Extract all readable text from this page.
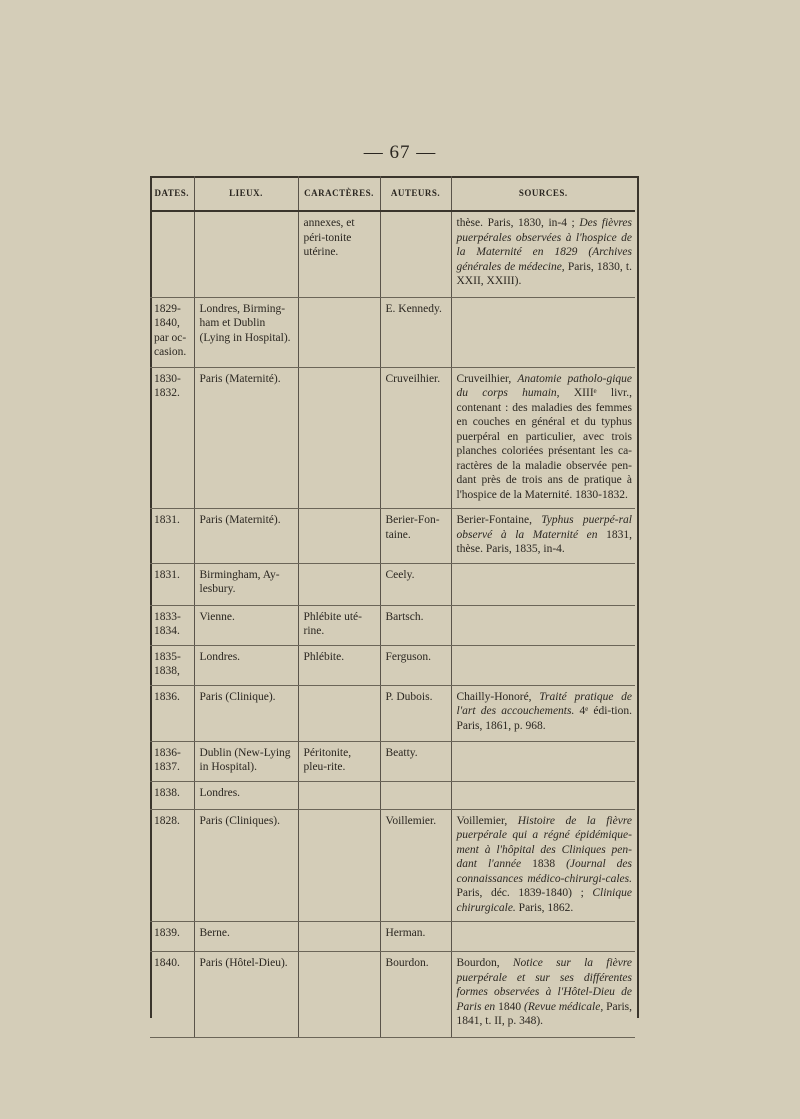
— 67 —
DATES.	LIEUX.	CARACTÈRES.	AUTEURS.	SOURCES.
		annexes, et péri-tonite utérine.		thèse. Paris, 1830, in-4 ; Des fièvres puerpérales observées à l'hospice de la Maternité en 1829 (Archives générales de médecine, Paris, 1830, t. XXII, XXIII).
1829-1840, par oc-casion.	Londres, Birming-ham et Dublin (Lying in Hospital).		E. Kennedy.	
1830-1832.	Paris (Maternité).		Cruveilhier.	Cruveilhier, Anatomie patholo-gique du corps humain, XIIIᵉ livr., contenant : des maladies des femmes en couches en général et du typhus puerpéral en particulier, avec trois planches coloriées présentant les ca-ractères de la maladie observée pen-dant près de trois ans de pratique à l'hospice de la Maternité. 1830-1832.
1831.	Paris (Maternité).		Berier-Fon-taine.	Berier-Fontaine, Typhus puerpé-ral observé à la Maternité en 1831, thèse. Paris, 1835, in-4.
1831.	Birmingham, Ay-lesbury.		Ceely.	
1833-1834.	Vienne.	Phlébite uté-rine.	Bartsch.	
1835-1838,	Londres.	Phlébite.	Ferguson.	
1836.	Paris (Clinique).		P. Dubois.	Chailly-Honoré, Traité pratique de l'art des accouchements. 4ᵉ édi-tion. Paris, 1861, p. 968.
1836-1837.	Dublin (New-Lying in Hospital).	Péritonite, pleu-rite.	Beatty.	
1838.	Londres.			
1828.	Paris (Cliniques).		Voillemier.	Voillemier, Histoire de la fièvre puerpérale qui a régné épidémique-ment à l'hôpital des Cliniques pen-dant l'année 1838 (Journal des connaissances médico-chirurgi-cales. Paris, déc. 1839-1840) ; Clinique chirurgicale. Paris, 1862.
1839.	Berne.		Herman.	
1840.	Paris (Hôtel-Dieu).		Bourdon.	Bourdon, Notice sur la fièvre puerpérale et sur ses différentes formes observées à l'Hôtel-Dieu de Paris en 1840 (Revue médicale, Paris, 1841, t. II, p. 348).
